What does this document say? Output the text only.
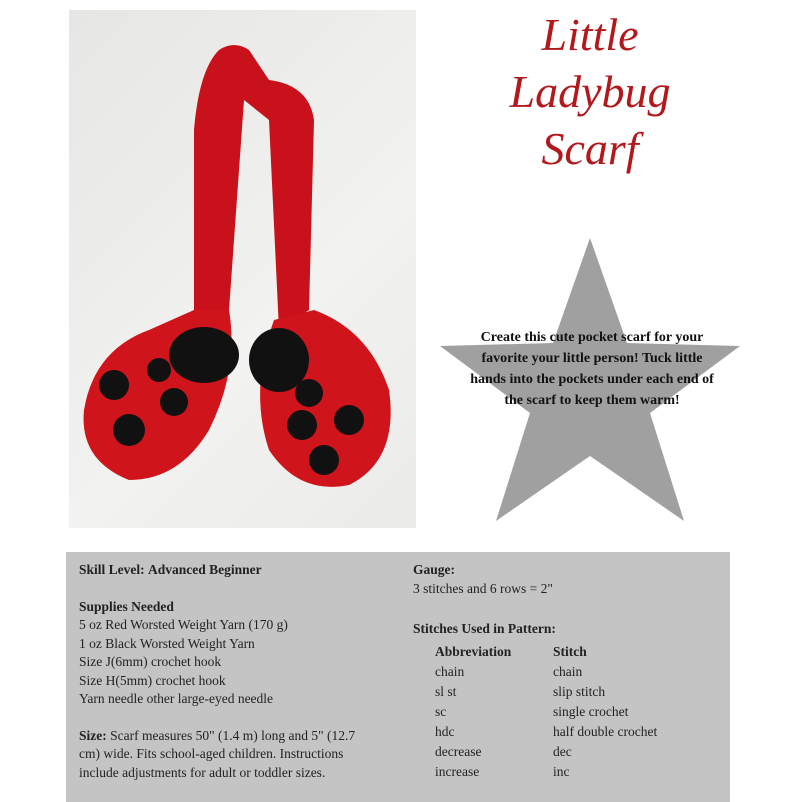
Little
Ladybug
Scarf
Create this cute pocket scarf for your favorite your little person! Tuck little hands into the pockets under each end of the scarf to keep them warm!

Skill Level: Advanced Beginner

Supplies Needed

5 oz Red Worsted Weight Yarn (170 g)

1 oz Black Worsted Weight Yarn

Size J(6mm) crochet hook

Size H(5mm) crochet hook

Yarn needle other large-eyed needle

Size: Scarf measures 50" (1.4 m) long and 5" (12.7 cm) wide. Fits school-aged children. Instructions include adjustments for adult or toddler sizes.

Gauge:

3 stitches and 6 rows = 2"

Stitches Used in Pattern:

Abbreviation	Stitch
chain	chain
sl st	slip stitch
sc	single crochet
hdc	half double crochet
decrease	dec
increase	inc
